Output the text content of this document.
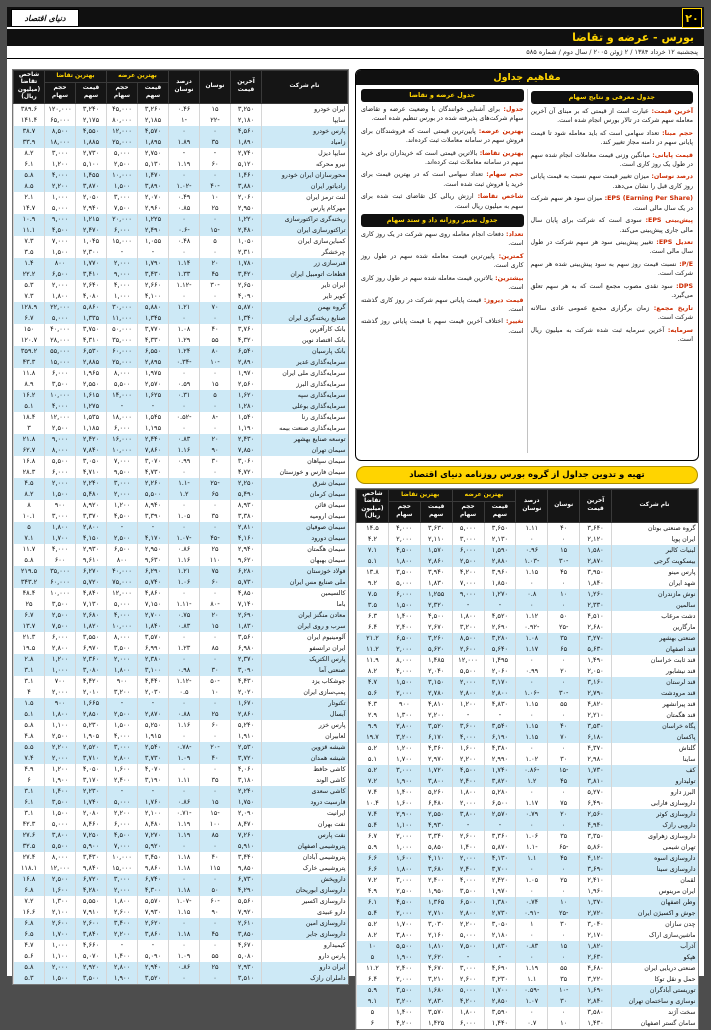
دنیای اقتصاد	۲۰
بورس - عرضه و تقاضا
پنجشنبه ۱۲ خرداد ۱۳۸۴ / ۲ ژوئن ۲۰۰۵ / سال دوم / شماره ۵۸۵
مفاهیم جداول
جدول معرفی و نتایج سهام

آخرین قیمت: عبارت است از قیمتی که بر مبنای آن آخرین معامله سهم شرکت در تالار بورس انجام شده است.

حجم مبنا: تعداد سهامی است که باید معامله شود تا قیمت پایانی سهم در دامنه مجاز تغییر کند.

قیمت پایانی: میانگین وزنی قیمت معاملات انجام شده سهم در طول یک روز کاری است.

درصد نوسان: میزان تغییر قیمت سهم نسبت به قیمت پایانی روز کاری قبل را نشان می‌دهد.

EPS (Earning Per Share): میزان سود هر سهم شرکت در یک سال مالی است.

پیش‌بینی EPS: سودی است که شرکت برای پایان سال مالی جاری پیش‌بینی می‌کند.

تعدیل EPS: تغییر پیش‌بینی سود هر سهم شرکت در طول سال مالی است.

P/E: نسبت قیمت روز سهم به سود پیش‌بینی شده هر سهم شرکت است.

DPS: سود نقدی مصوب مجمع است که به هر سهم تعلق می‌گیرد.

تاریخ مجمع: زمان برگزاری مجمع عمومی عادی سالانه شرکت است.

سرمایه: آخرین سرمایه ثبت شده شرکت به میلیون ریال است.

جدول عرضه و تقاضا

جدول: برای آشنایی خوانندگان با وضعیت عرضه و تقاضای سهام شرکت‌های پذیرفته شده در بورس تنظیم شده است.

بهترین عرضه: پایین‌ترین قیمتی است که فروشندگان برای فروش سهم در سامانه معاملات ثبت کرده‌اند.

بهترین تقاضا: بالاترین قیمتی است که خریداران برای خرید سهم در سامانه معاملات ثبت کرده‌اند.

حجم سهام: تعداد سهامی است که در بهترین قیمت برای خرید یا فروش ثبت شده است.

شاخص تقاضا: ارزش ریالی کل تقاضای ثبت شده برای سهم به میلیون ریال است.

جدول تغییر روزانه داد و ستد سهام

تعداد: دفعات انجام معامله روی سهم شرکت در یک روز کاری است.

کمترین: پایین‌ترین قیمت معامله شده سهم در طول روز کاری است.

بیشترین: بالاترین قیمت معامله شده سهم در طول روز کاری است.

قیمت دیروز: قیمت پایانی سهم شرکت در روز کاری گذشته است.

تغییر: اختلاف آخرین قیمت سهم با قیمت پایانی روز گذشته است.

تهیه و تدوین جداول از گروه بورس روزنامه دنیای اقتصاد
نام شرکت	آخرین قیمت	نوسان	درصد نوسان	بهترین عرضه		بهترین تقاضا		شاخص تقاضا (میلیون ریال)
				قیمت سهم	حجم سهام	قیمت سهم	حجم سهام	
گروه صنعتی بوتان	۳,۶۴۰	۴۰	۱.۱۱	۳,۶۵۰	۵,۰۰۰	۳,۶۳۰	۴,۰۰۰	۱۴.۵
ایران پویا	۲,۱۲۰	۰	۰	۲,۱۳۰	۳,۰۰۰	۲,۱۱۰	۲,۰۰۰	۴.۲
لبنیات کالبر	۱,۵۸۰	۱۵	۰.۹۶	۱,۵۹۰	۶,۰۰۰	۱,۵۷۰	۴,۵۰۰	۷.۱
بیسکویت گرجی	۲,۸۷۰	-۳۰	-۱.۰۳	۲,۸۸۰	۲,۵۰۰	۲,۸۶۰	۱,۸۰۰	۵.۱
پارس مینو	۳,۹۵۰	۴۵	۱.۱۵	۳,۹۶۰	۴,۲۰۰	۳,۹۴۰	۳,۵۰۰	۱۳.۸
شهد ایران	۱,۸۴۰	۰	۰	۱,۸۵۰	۷,۰۰۰	۱,۸۳۰	۵,۰۰۰	۹.۲
نوش مازندران	۱,۲۶۰	۱۰	۰.۸	۱,۲۷۰	۹,۰۰۰	۱,۲۵۵	۶,۰۰۰	۷.۵
سالمین	۲,۳۳۰	۰	۰	-	-	۲,۳۲۰	۱,۵۰۰	۳.۵
دشت مرغاب	۴,۵۱۰	۵۰	۱.۱۲	۴,۵۲۰	۱,۸۰۰	۴,۵۰۰	۱,۴۰۰	۶.۳
مارگارین	۲,۶۸۰	-۲۵	-۰.۹۲	۲,۶۹۰	۳,۲۰۰	۲,۶۷۰	۲,۴۰۰	۶.۴
صنعتی بهشهر	۳,۲۷۰	۳۵	۱.۰۸	۳,۲۸۰	۸,۵۰۰	۳,۲۶۰	۶,۵۰۰	۲۱.۲
قند اصفهان	۵,۶۳۰	۶۵	۱.۱۷	۵,۶۴۰	۲,۶۰۰	۵,۶۲۰	۲,۰۰۰	۱۱.۲
قند ثابت خراسان	۱,۴۹۰	۰	۰	۱,۴۹۵	۱۲,۰۰۰	۱,۴۸۵	۸,۰۰۰	۱۱.۹
قند نیشابور	۲,۰۵۰	۲۰	۰.۹۹	۲,۰۶۰	۵,۵۰۰	۲,۰۴۰	۴,۰۰۰	۸.۲
قند لرستان	۳,۱۶۰	۰	۰	۳,۱۷۰	۲,۰۰۰	۳,۱۵۰	۱,۵۰۰	۴.۷
قند مرودشت	۲,۷۹۰	-۳۰	-۱.۰۶	۲,۸۰۰	۲,۸۰۰	۲,۷۸۰	۲,۰۰۰	۵.۶
قند پیرانشهر	۴,۸۲۰	۵۵	۱.۱۵	۴,۸۳۰	۱,۲۰۰	۴,۸۱۰	۹۰۰	۴.۳
قند هگمتان	۲,۲۱۰	۰	۰	-	-	۲,۲۰۰	۱,۳۰۰	۲.۹
پگاه خراسان	۳,۵۳۰	۴۰	۱.۱۵	۳,۵۴۰	۳,۶۰۰	۳,۵۲۰	۲,۸۰۰	۹.۹
پاکسان	۶,۱۸۰	۷۰	۱.۱۵	۶,۱۹۰	۴,۰۰۰	۶,۱۷۰	۳,۲۰۰	۱۹.۷
گلتاش	۴,۳۷۰	۰	۰	۴,۳۸۰	۱,۶۰۰	۴,۳۶۰	۱,۲۰۰	۵.۲
ساینا	۲,۹۸۰	۳۰	۱.۰۲	۲,۹۹۰	۲,۲۰۰	۲,۹۷۰	۱,۷۰۰	۵.۱
کف	۱,۷۳۰	-۱۵	-۰.۸۶	۱,۷۴۰	۴,۵۰۰	۱,۷۲۰	۳,۰۰۰	۵.۲
تولیدارو	۳,۸۱۰	۴۵	۱.۲	۳,۸۲۰	۲,۴۰۰	۳,۸۰۰	۱,۹۰۰	۷.۲
البرز دارو	۵,۲۷۰	۰	۰	۵,۲۸۰	۱,۸۰۰	۵,۲۶۰	۱,۴۰۰	۷.۴
داروسازی فارابی	۶,۴۹۰	۷۵	۱.۱۷	۶,۵۰۰	۲,۰۰۰	۶,۴۸۰	۱,۶۰۰	۱۰.۴
داروسازی کوثر	۲,۵۶۰	۲۰	۰.۷۹	۲,۵۷۰	۳,۸۰۰	۲,۵۵۰	۲,۹۰۰	۷.۴
دارویی رازک	۴,۹۴۰	۰	۰	-	-	۴,۹۳۰	۱,۱۰۰	۵.۴
داروسازی زهراوی	۳,۳۵۰	۳۵	۱.۰۶	۳,۳۶۰	۲,۶۰۰	۳,۳۴۰	۲,۰۰۰	۶.۷
تهران شیمی	۵,۸۶۰	-۶۵	-۱.۱	۵,۸۷۰	۱,۴۰۰	۵,۸۵۰	۱,۰۰۰	۵.۹
داروسازی اسوه	۴,۱۲۰	۴۵	۱.۱	۴,۱۳۰	۲,۰۰۰	۴,۱۱۰	۱,۶۰۰	۶.۶
داروسازی سینا	۳,۶۹۰	۰	۰	۳,۷۰۰	۲,۴۰۰	۳,۶۸۰	۱,۸۰۰	۶.۶
لقمان	۲,۴۱۰	۲۵	۱.۰۵	۲,۴۲۰	۴,۰۰۰	۲,۴۰۰	۳,۰۰۰	۷.۲
ایران مرینوس	۱,۹۶۰	۰	۰	۱,۹۷۰	۳,۵۰۰	۱,۹۵۰	۲,۵۰۰	۴.۹
وطن اصفهان	۱,۳۷۰	۱۰	۰.۷۴	۱,۳۸۰	۶,۵۰۰	۱,۳۶۵	۴,۵۰۰	۶.۱
جوش و اکسیژن ایران	۲,۷۲۰	-۲۵	-۰.۹۱	۲,۷۳۰	۲,۸۰۰	۲,۷۱۰	۲,۰۰۰	۵.۴
چدن سازان	۳,۰۴۰	۳۰	۱	۳,۰۵۰	۲,۲۰۰	۳,۰۳۰	۱,۷۰۰	۵.۲
ماشین‌سازی اراک	۲,۱۷۰	۰	۰	۲,۱۸۰	۵,۰۰۰	۲,۱۶۰	۳,۸۰۰	۸.۲
آذرآب	۱,۸۲۰	۱۵	۰.۸۳	۱,۸۳۰	۷,۵۰۰	۱,۸۱۰	۵,۵۰۰	۱۰
هپکو	۲,۶۳۰	۰	۰	-	-	۲,۶۲۰	۱,۹۰۰	۵
صنعتی دریایی ایران	۴,۶۸۰	۵۵	۱.۱۹	۴,۶۹۰	۳,۰۰۰	۴,۶۷۰	۲,۴۰۰	۱۱.۲
حمل و نقل توکا	۳,۲۲۰	۳۵	۱.۱	۳,۲۳۰	۲,۶۰۰	۳,۲۱۰	۲,۰۰۰	۶.۴
توریستی آبادگران	۱,۶۹۰	-۱۰	-۰.۵۹	۱,۷۰۰	۵,۰۰۰	۱,۶۸۰	۳,۵۰۰	۵.۹
نوسازی و ساختمان تهران	۲,۸۴۰	۳۰	۱.۰۷	۲,۸۵۰	۴,۲۰۰	۲,۸۳۰	۳,۲۰۰	۹.۱
سخت آژند	۳,۵۸۰	۰	۰	۳,۵۹۰	۱,۸۰۰	۳,۵۷۰	۱,۴۰۰	۵
سامان گستر اصفهان	۱,۴۳۰	۱۰	۰.۷	۱,۴۴۰	۶,۰۰۰	۱,۴۲۵	۴,۲۰۰	۶
نام شرکت	آخرین قیمت	نوسان	درصد نوسان	بهترین عرضه		بهترین تقاضا		شاخص تقاضا (میلیون ریال)
				قیمت سهم	حجم سهام	قیمت سهم	حجم سهام	
ایران خودرو	۳,۲۵۰	۱۵	۰.۴۶	۳,۲۶۰	۴۵,۰۰۰	۳,۲۴۰	۱۲۰,۰۰۰	۳۸۹.۶
سایپا	۲,۱۸۰	-۲۲	-۱	۲,۱۸۵	۸۰,۰۰۰	۲,۱۷۵	۶۵,۰۰۰	۱۴۱.۴
پارس خودرو	۴,۵۶۰	۰	۰	۴,۵۷۰	۱۲,۰۰۰	۴,۵۵۰	۸,۵۰۰	۳۸.۷
زامیاد	۱,۸۹۰	۳۵	۱.۸۹	۱,۸۹۵	۲۵,۰۰۰	۱,۸۸۵	۱۸,۰۰۰	۳۳.۹
سایپا دیزل	۲,۷۴۰	-	-	۲,۷۵۰	۵,۰۰۰	۲,۷۳۰	۳,۰۰۰	۸.۲
نیرو محرکه	۵,۱۲۰	۶۰	۱.۱۹	۵,۱۳۰	۲,۵۰۰	۵,۱۰۰	۱,۲۰۰	۶.۱
محورسازان ایران خودرو	۱,۴۶۰	۰	۰	۱,۴۷۰	۱۰,۰۰۰	۱,۴۵۵	۴,۰۰۰	۵.۸
رادیاتور ایران	۳,۸۸۰	-۴۰	-۱.۰۲	۳,۸۹۰	۱,۵۰۰	۳,۸۷۰	۲,۲۰۰	۸.۵
لنت ترمز ایران	۲,۰۶۰	۱۰	۰.۴۹	۲,۰۷۰	۳,۰۰۰	۲,۰۵۰	۱,۰۰۰	۲.۱
مهرکام پارس	۲,۹۵۰	۲۵	۰.۸۵	۲,۹۶۰	۷,۵۰۰	۲,۹۴۰	۵,۰۰۰	۱۴.۷
ریخته‌گری تراکتورسازی	۱,۲۲۰	۰	۰	۱,۲۲۵	۲۰,۰۰۰	۱,۲۱۵	۹,۰۰۰	۱۰.۹
تراکتورسازی ایران	۲,۴۸۰	-۱۵	-۰.۶	۲,۴۹۰	۶,۰۰۰	۲,۴۷۰	۴,۵۰۰	۱۱.۱
کمباین‌سازی ایران	۱,۰۵۰	۵	۰.۴۸	۱,۰۵۵	۱۵,۰۰۰	۱,۰۴۵	۷,۰۰۰	۷.۳
چرخشگر	۲,۳۱۰	۰	۰	-	-	۲,۳۰۰	۱,۵۰۰	۳.۵
فنرسازی زر	۱,۷۸۰	۲۰	۱.۱۴	۱,۷۹۰	۲,۰۰۰	۱,۷۷۰	۸۰۰	۱.۴
قطعات اتومبیل ایران	۳,۴۲۰	۴۵	۱.۳۳	۳,۴۳۰	۹,۰۰۰	۳,۴۱۰	۶,۵۰۰	۲۲.۲
ایران تایر	۲,۶۵۰	-۳۰	-۱.۱۲	۲,۶۶۰	۴,۰۰۰	۲,۶۴۰	۲,۰۰۰	۵.۳
کویر تایر	۴,۰۹۰	۰	۰	۴,۱۰۰	۱,۰۰۰	۴,۰۸۰	۱,۸۰۰	۷.۳
گروه بهمن	۵,۸۷۰	۷۰	۱.۲۱	۵,۸۸۰	۳۰,۰۰۰	۵,۸۶۰	۲۲,۰۰۰	۱۲۸.۹
صنایع ریخته‌گری ایران	۱,۳۴۰	۰	۰	۱,۳۴۵	۱۱,۰۰۰	۱,۳۳۵	۵,۰۰۰	۶.۷
بانک کارآفرین	۳,۷۶۰	۴۰	۱.۰۸	۳,۷۷۰	۵۰,۰۰۰	۳,۷۵۰	۴۰,۰۰۰	۱۵۰
بانک اقتصاد نوین	۴,۳۲۰	۵۵	۱.۲۹	۴,۳۳۰	۳۵,۰۰۰	۴,۳۱۰	۲۸,۰۰۰	۱۲۰.۷
بانک پارسیان	۶,۵۴۰	۸۰	۱.۲۴	۶,۵۵۰	۶۰,۰۰۰	۶,۵۳۰	۵۵,۰۰۰	۳۵۹.۲
سرمایه‌گذاری غدیر	۲,۸۹۰	-۱۰	-۰.۳۴	۲,۸۹۵	۲۵,۰۰۰	۲,۸۸۵	۱۵,۰۰۰	۴۳.۳
سرمایه‌گذاری ملی ایران	۱,۹۷۰	۰	۰	۱,۹۷۵	۸,۰۰۰	۱,۹۶۵	۶,۰۰۰	۱۱.۸
سرمایه‌گذاری البرز	۲,۵۶۰	۱۵	۰.۵۹	۲,۵۷۰	۵,۵۰۰	۲,۵۵۰	۳,۵۰۰	۸.۹
سرمایه‌گذاری سپه	۱,۶۲۰	۵	۰.۳۱	۱,۶۲۵	۱۴,۰۰۰	۱,۶۱۵	۱۰,۰۰۰	۱۶.۲
سرمایه‌گذاری بوعلی	۱,۲۸۰	۰	۰	-	-	۱,۲۷۵	۴,۰۰۰	۵.۱
سرمایه‌گذاری رنا	۱,۵۴۰	-۸	-۰.۵۲	۱,۵۴۵	۱۸,۰۰۰	۱,۵۳۵	۱۲,۰۰۰	۱۸.۴
سرمایه‌گذاری صنعت بیمه	۱,۱۹۰	۰	۰	۱,۱۹۵	۶,۰۰۰	۱,۱۸۵	۲,۵۰۰	۳
توسعه صنایع بهشهر	۲,۴۳۰	۲۰	۰.۸۳	۲,۴۴۰	۱۶,۰۰۰	۲,۴۲۰	۹,۰۰۰	۲۱.۸
سیمان تهران	۷,۸۵۰	۹۰	۱.۱۶	۷,۸۶۰	۱۰,۰۰۰	۷,۸۴۰	۸,۰۰۰	۶۲.۷
سیمان سپاهان	۳,۰۶۰	۳۰	۰.۹۹	۳,۰۷۰	۷,۰۰۰	۳,۰۵۰	۵,۵۰۰	۱۶.۸
سیمان فارس و خوزستان	۴,۷۲۰	۰	۰	۴,۷۳۰	۹,۵۰۰	۴,۷۱۰	۶,۰۰۰	۲۸.۳
سیمان شرق	۲,۲۵۰	-۲۵	-۱.۱	۲,۲۶۰	۳,۰۰۰	۲,۲۴۰	۲,۰۰۰	۴.۵
سیمان کرمان	۵,۴۹۰	۶۵	۱.۲	۵,۵۰۰	۲,۰۰۰	۵,۴۸۰	۱,۵۰۰	۸.۲
سیمان قائن	۸,۹۳۰	۰	۰	۸,۹۴۰	۱,۲۰۰	۸,۹۲۰	۹۰۰	۸
سیمان ارومیه	۳,۳۸۰	۳۵	۱.۰۵	۳,۳۹۰	۴,۵۰۰	۳,۳۷۰	۳,۰۰۰	۱۰.۱
سیمان صوفیان	۲,۸۱۰	۰	۰	-	-	۲,۸۰۰	۱,۸۰۰	۵
سیمان دورود	۴,۱۶۰	-۴۵	-۱.۰۷	۴,۱۷۰	۲,۵۰۰	۴,۱۵۰	۱,۷۰۰	۷.۱
سیمان هگمتان	۲,۹۴۰	۲۵	۰.۸۶	۲,۹۵۰	۶,۵۰۰	۲,۹۳۰	۴,۰۰۰	۱۱.۷
سیمان بهبهان	۹,۶۲۰	۱۱۰	۱.۱۶	۹,۶۳۰	۸۰۰	۹,۶۱۰	۶۰۰	۵.۸
فولاد خوزستان	۶,۲۸۰	۷۵	۱.۲۱	۶,۲۹۰	۴۰,۰۰۰	۶,۲۷۰	۳۵,۰۰۰	۲۱۹.۵
ملی صنایع مس ایران	۵,۷۳۰	۶۰	۱.۰۶	۵,۷۴۰	۷۵,۰۰۰	۵,۷۲۰	۶۰,۰۰۰	۳۴۳.۲
کالسیمین	۴,۸۵۰	۰	۰	۴,۸۶۰	۱۲,۰۰۰	۴,۸۴۰	۱۰,۰۰۰	۴۸.۴
باما	۷,۱۴۰	-۸۰	-۱.۱۱	۷,۱۵۰	۵,۰۰۰	۷,۱۳۰	۳,۵۰۰	۲۵
معادن منگنز ایران	۲,۶۹۰	۲۰	۰.۷۵	۲,۷۰۰	۴,۰۰۰	۲,۶۸۰	۲,۵۰۰	۶.۷
سرب و روی ایران	۱,۸۳۰	۱۵	۰.۸۳	۱,۸۴۰	۱۰,۰۰۰	۱,۸۲۰	۷,۵۰۰	۱۳.۷
آلومینیوم ایران	۳,۵۶۰	۰	۰	۳,۵۷۰	۸,۰۰۰	۳,۵۵۰	۶,۰۰۰	۲۱.۳
ایران ترانسفو	۶,۹۸۰	۸۵	۱.۲۳	۶,۹۹۰	۳,۵۰۰	۶,۹۷۰	۲,۸۰۰	۱۹.۵
پارس الکتریک	۲,۳۷۰	۰	۰	۲,۳۸۰	۲,۰۰۰	۲,۳۶۰	۱,۲۰۰	۲.۸
صنعتی آما	۳,۰۹۰	۳۰	۰.۹۸	۳,۱۰۰	۱,۸۰۰	۳,۰۸۰	۱,۰۰۰	۳.۱
جوشکاب یزد	۴,۴۳۰	-۵۰	-۱.۱۲	۴,۴۴۰	۹۰۰	۴,۴۲۰	۷۰۰	۳.۱
پمپ‌سازی ایران	۲,۰۲۰	۱۰	۰.۵	۲,۰۳۰	۳,۲۰۰	۲,۰۱۰	۲,۰۰۰	۴
تکنوتار	۱,۶۷۰	۰	۰	-	-	۱,۶۶۵	۹۰۰	۱.۵
آبسال	۲,۸۶۰	۲۵	۰.۸۸	۲,۸۷۰	۲,۵۰۰	۲,۸۵۰	۱,۸۰۰	۵.۱
پارس خزر	۵,۲۴۰	۶۰	۱.۱۶	۵,۲۵۰	۱,۵۰۰	۵,۲۳۰	۱,۱۰۰	۵.۸
لعابیران	۱,۹۱۰	۰	۰	۱,۹۱۵	۴,۰۰۰	۱,۹۰۵	۲,۵۰۰	۴.۸
شیشه قزوین	۲,۵۳۰	-۲۰	-۰.۷۸	۲,۵۴۰	۳,۰۰۰	۲,۵۲۰	۲,۲۰۰	۵.۵
شیشه همدان	۳,۷۲۰	۴۰	۱.۰۹	۳,۷۳۰	۲,۸۰۰	۳,۷۱۰	۲,۰۰۰	۷.۴
کاشی حافظ	۴,۰۶۰	۰	۰	۴,۰۷۰	۱,۶۰۰	۴,۰۵۰	۱,۲۰۰	۴.۹
کاشی الوند	۳,۱۸۰	۳۵	۱.۱۱	۳,۱۹۰	۲,۴۰۰	۳,۱۷۰	۱,۹۰۰	۶
کاشی سعدی	۲,۲۴۰	۰	۰	-	-	۲,۲۳۰	۱,۴۰۰	۳.۱
فارسیت درود	۱,۷۵۰	۱۵	۰.۸۶	۱,۷۶۰	۵,۰۰۰	۱,۷۴۰	۳,۵۰۰	۶.۱
ایرانیت	۲,۰۹۰	-۱۵	-۰.۷۱	۲,۱۰۰	۲,۲۰۰	۲,۰۸۰	۱,۵۰۰	۳.۱
نفت بهران	۸,۴۷۰	۱۰۰	۱.۱۹	۸,۴۸۰	۶,۰۰۰	۸,۴۶۰	۵,۰۰۰	۴۲.۳
نفت پارس	۷,۲۶۰	۸۵	۱.۱۹	۷,۲۷۰	۴,۵۰۰	۷,۲۵۰	۳,۸۰۰	۲۷.۶
پتروشیمی اصفهان	۵,۹۱۰	۰	۰	۵,۹۲۰	۷,۰۰۰	۵,۹۰۰	۵,۵۰۰	۳۲.۵
پتروشیمی آبادان	۳,۴۴۰	۴۰	۱.۱۸	۳,۴۵۰	۱۰,۰۰۰	۳,۴۳۰	۸,۰۰۰	۲۷.۴
پتروشیمی خارک	۹,۸۵۰	۱۱۵	۱.۱۸	۹,۸۶۰	۱۵,۰۰۰	۹,۸۴۰	۱۲,۰۰۰	۱۱۸.۱
داروپخش	۶,۷۳۰	۰	۰	۶,۷۴۰	۳,۰۰۰	۶,۷۲۰	۲,۵۰۰	۱۶.۸
داروسازی ابوریحان	۴,۲۹۰	۵۰	۱.۱۸	۴,۳۰۰	۲,۰۰۰	۴,۲۸۰	۱,۶۰۰	۶.۸
داروسازی اکسیر	۵,۵۶۰	-۶۰	-۱.۰۷	۵,۵۷۰	۱,۸۰۰	۵,۵۵۰	۱,۳۰۰	۷.۲
دارو عبیدی	۷,۹۲۰	۹۰	۱.۱۵	۷,۹۳۰	۲,۶۰۰	۷,۹۱۰	۲,۱۰۰	۱۶.۶
داروسازی امین	۲,۶۱۰	۰	۰	۲,۶۲۰	۳,۴۰۰	۲,۶۰۰	۲,۶۰۰	۶.۸
داروسازی جابر	۳,۸۵۰	۴۵	۱.۱۸	۳,۸۶۰	۲,۲۰۰	۳,۸۴۰	۱,۷۰۰	۶.۵
کیمیدارو	۴,۶۷۰	۰	۰	-	-	۴,۶۶۰	۱,۰۰۰	۴.۷
پارس دارو	۵,۰۸۰	۵۵	۱.۰۹	۵,۰۹۰	۱,۴۰۰	۵,۰۷۰	۱,۱۰۰	۵.۶
ایران دارو	۲,۹۳۰	۲۵	۰.۸۶	۲,۹۴۰	۲,۸۰۰	۲,۹۲۰	۲,۰۰۰	۵.۸
داملران رازک	۳,۵۱۰	۰	۰	۳,۵۲۰	۱,۹۰۰	۳,۵۰۰	۱,۵۰۰	۵.۳
